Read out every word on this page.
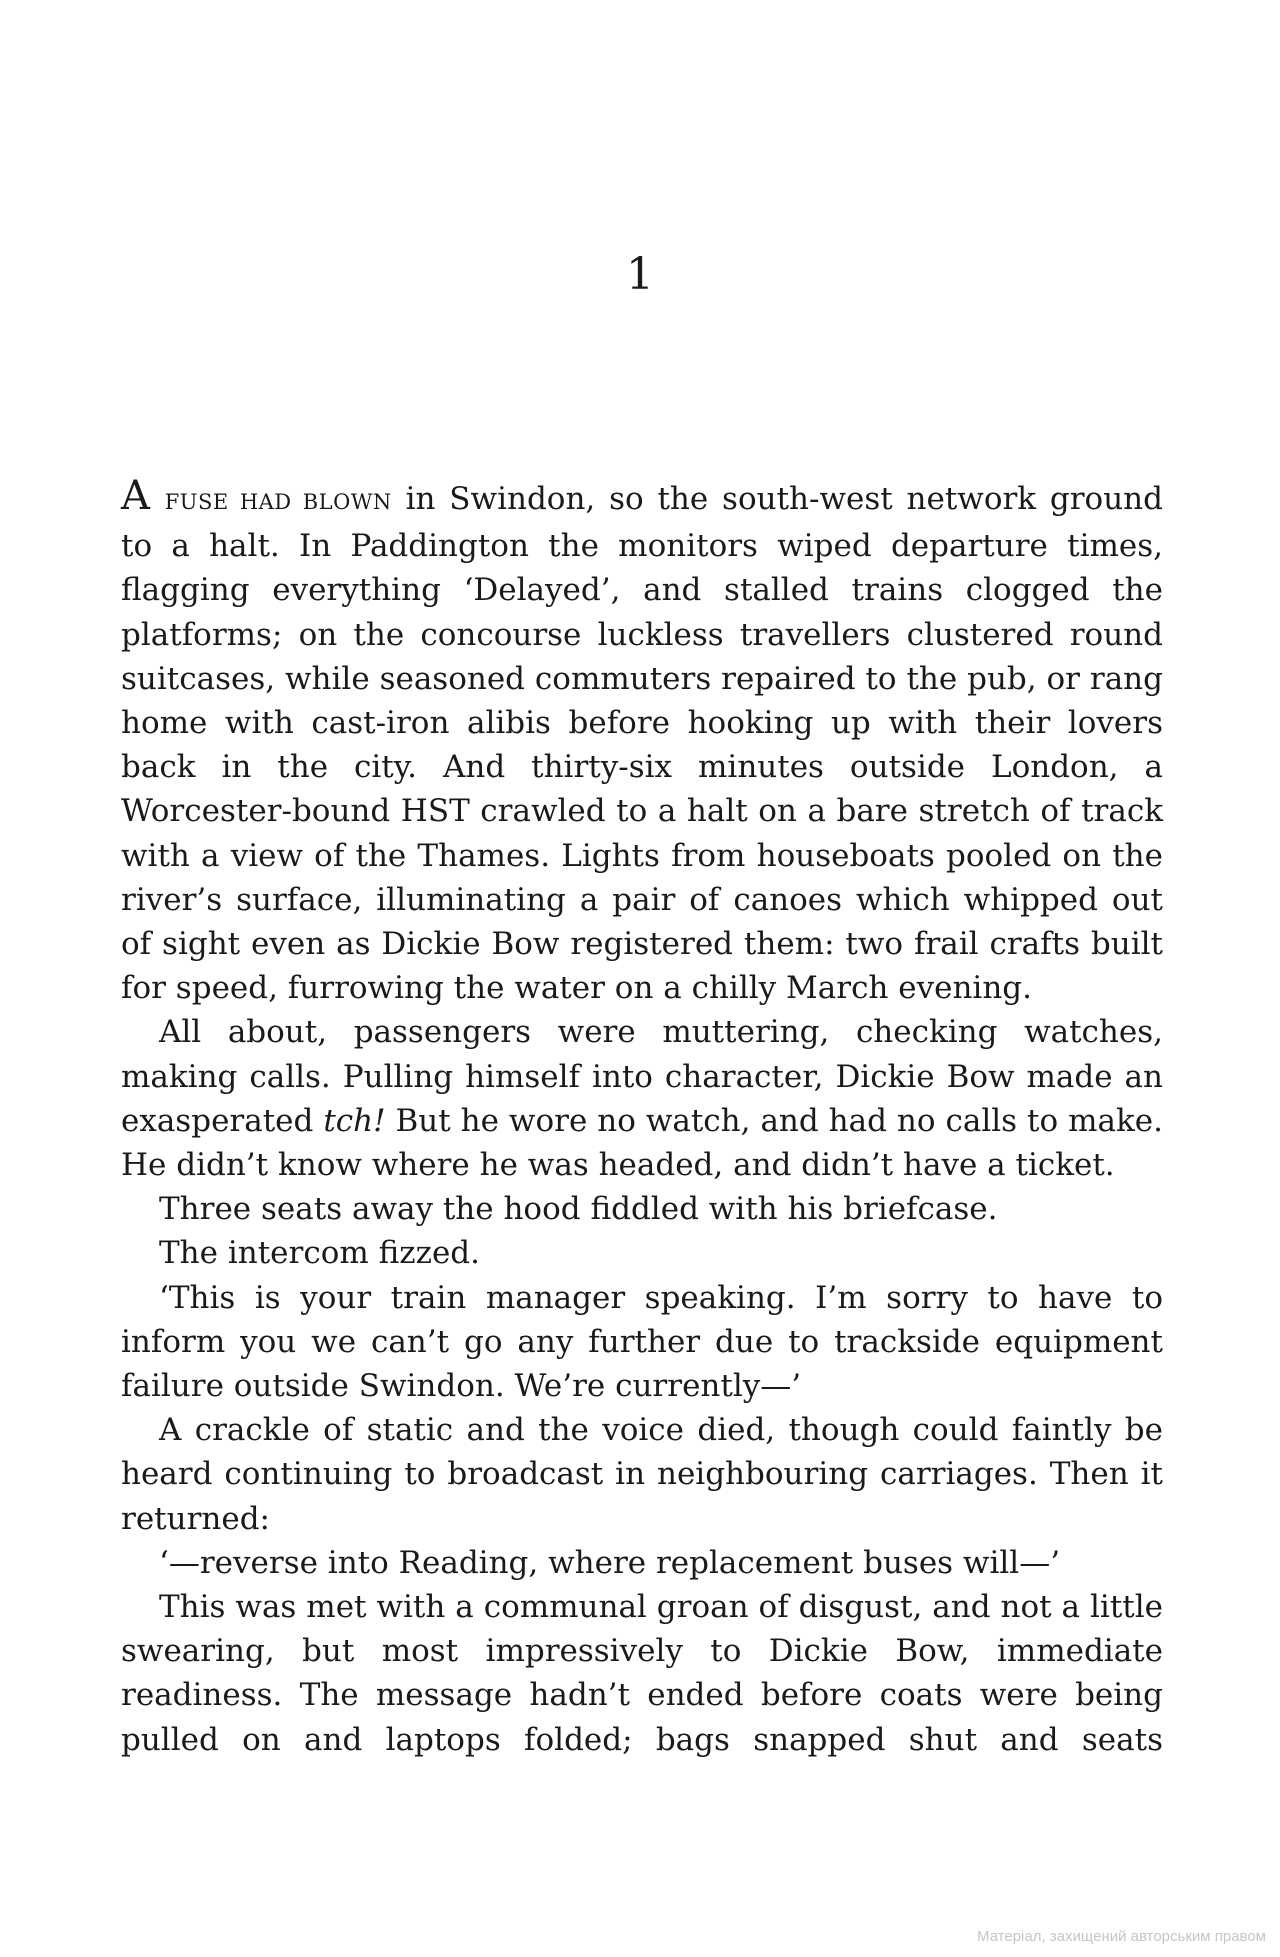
1

A FUSE HAD BLOWN in Swindon, so the south-west network ground to a halt. In Paddington the monitors wiped departure times, flagging everything ‘Delayed’, and stalled trains clogged the platforms; on the concourse luckless travellers clustered round suitcases, while seasoned commuters repaired to the pub, or rang home with cast-iron alibis before hooking up with their lovers back in the city. And thirty-six minutes outside London, a Worcester-bound HST crawled to a halt on a bare stretch of track with a view of the Thames. Lights from houseboats pooled on the river’s surface, illuminating a pair of canoes which whipped out of sight even as Dickie Bow registered them: two frail crafts built for speed, furrowing the water on a chilly March evening.

All about, passengers were muttering, checking watches, making calls. Pulling himself into character, Dickie Bow made an exasperated tch! But he wore no watch, and had no calls to make. He didn’t know where he was headed, and didn’t have a ticket.

Three seats away the hood fiddled with his briefcase.

The intercom fizzed.

‘This is your train manager speaking. I’m sorry to have to inform you we can’t go any further due to trackside equipment failure outside Swindon. We’re currently—’

A crackle of static and the voice died, though could faintly be heard continuing to broadcast in neighbouring carriages. Then it returned:

‘—reverse into Reading, where replacement buses will—’

This was met with a communal groan of disgust, and not a little swearing, but most impressively to Dickie Bow, immediate readiness. The message hadn’t ended before coats were being pulled on and laptops folded; bags snapped shut and seats

Матеріал, захищений авторським правом
